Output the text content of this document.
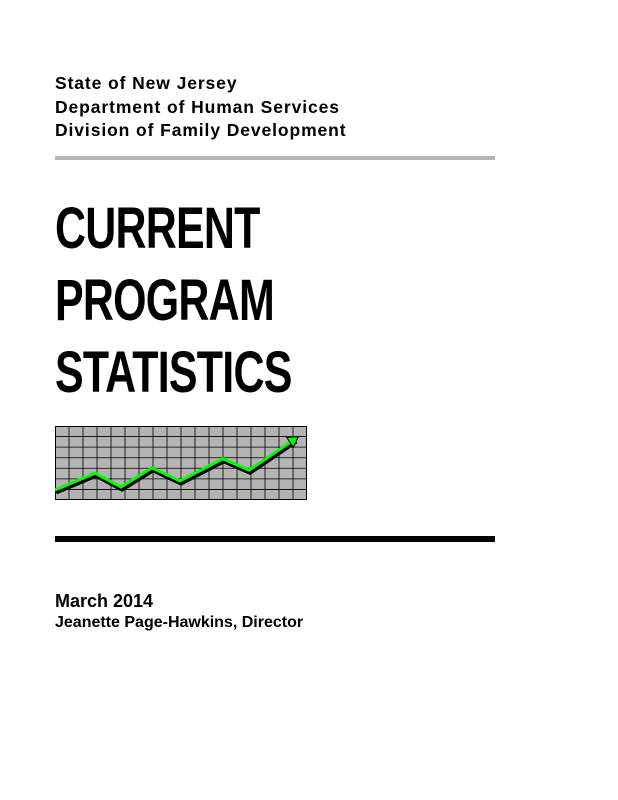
State of New Jersey
Department of Human Services
Division of Family Development
CURRENT
PROGRAM
STATISTICS
March 2014
Jeanette Page-Hawkins, Director
